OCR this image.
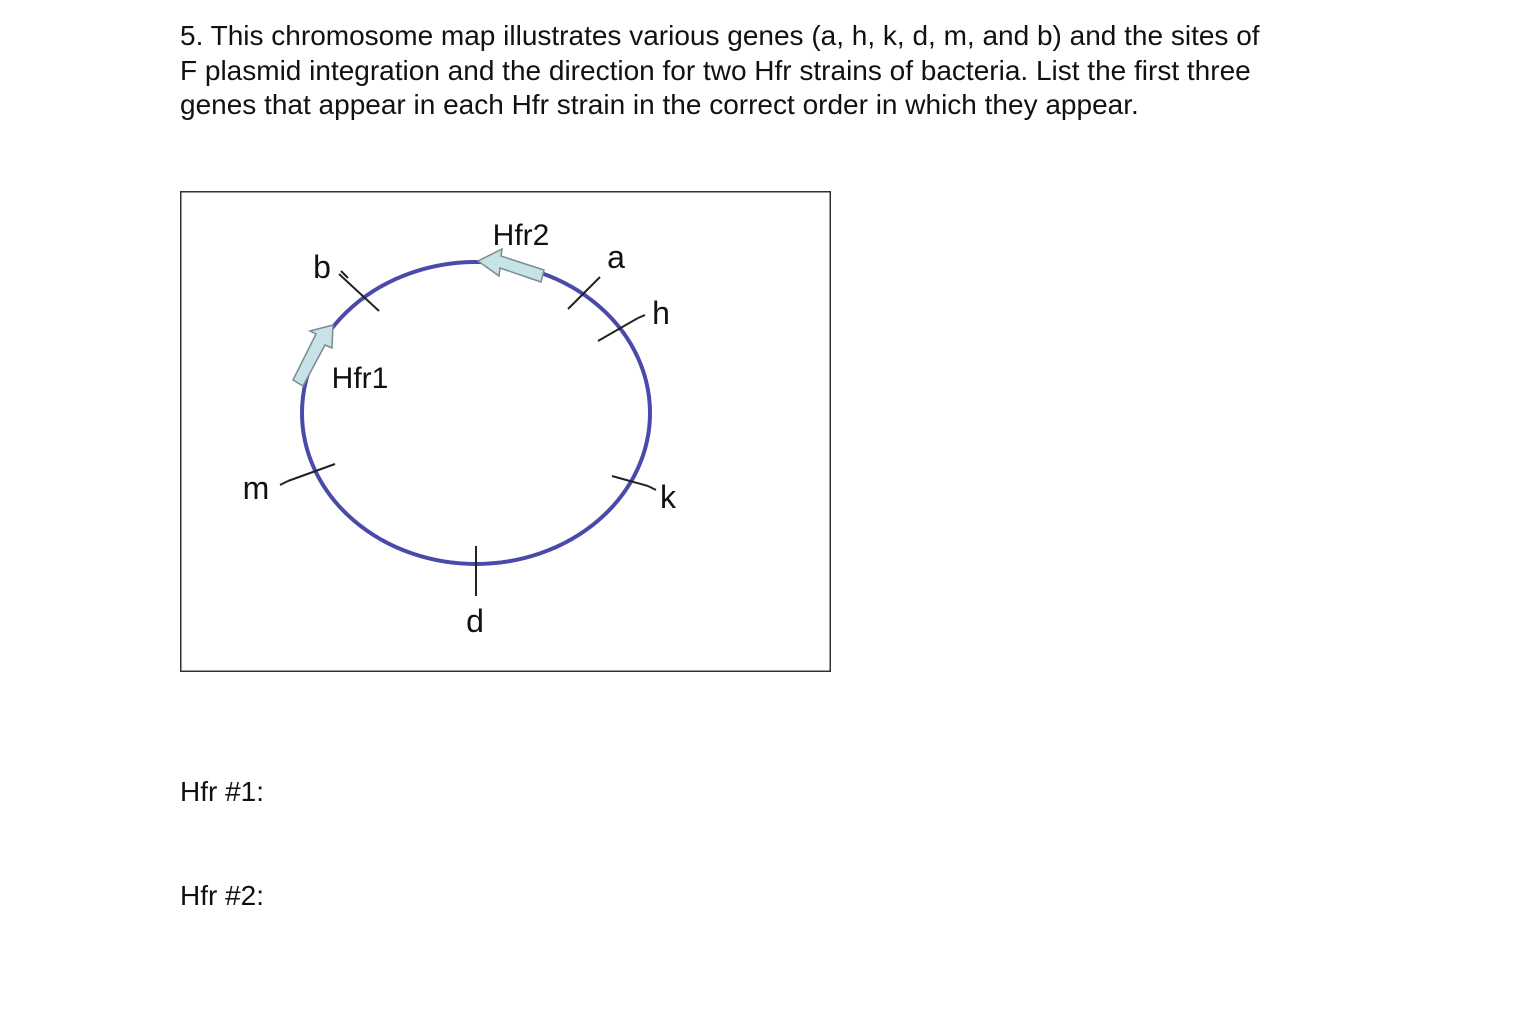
5. This chromosome map illustrates various genes (a, h, k, d, m, and b) and the sites of
F plasmid integration and the direction for two Hfr strains of bacteria. List the first three
genes that appear in each Hfr strain in the correct order in which they appear.
b	a
h
k
d
m
Hfr2
Hfr1
Hfr #1:
Hfr #2:
